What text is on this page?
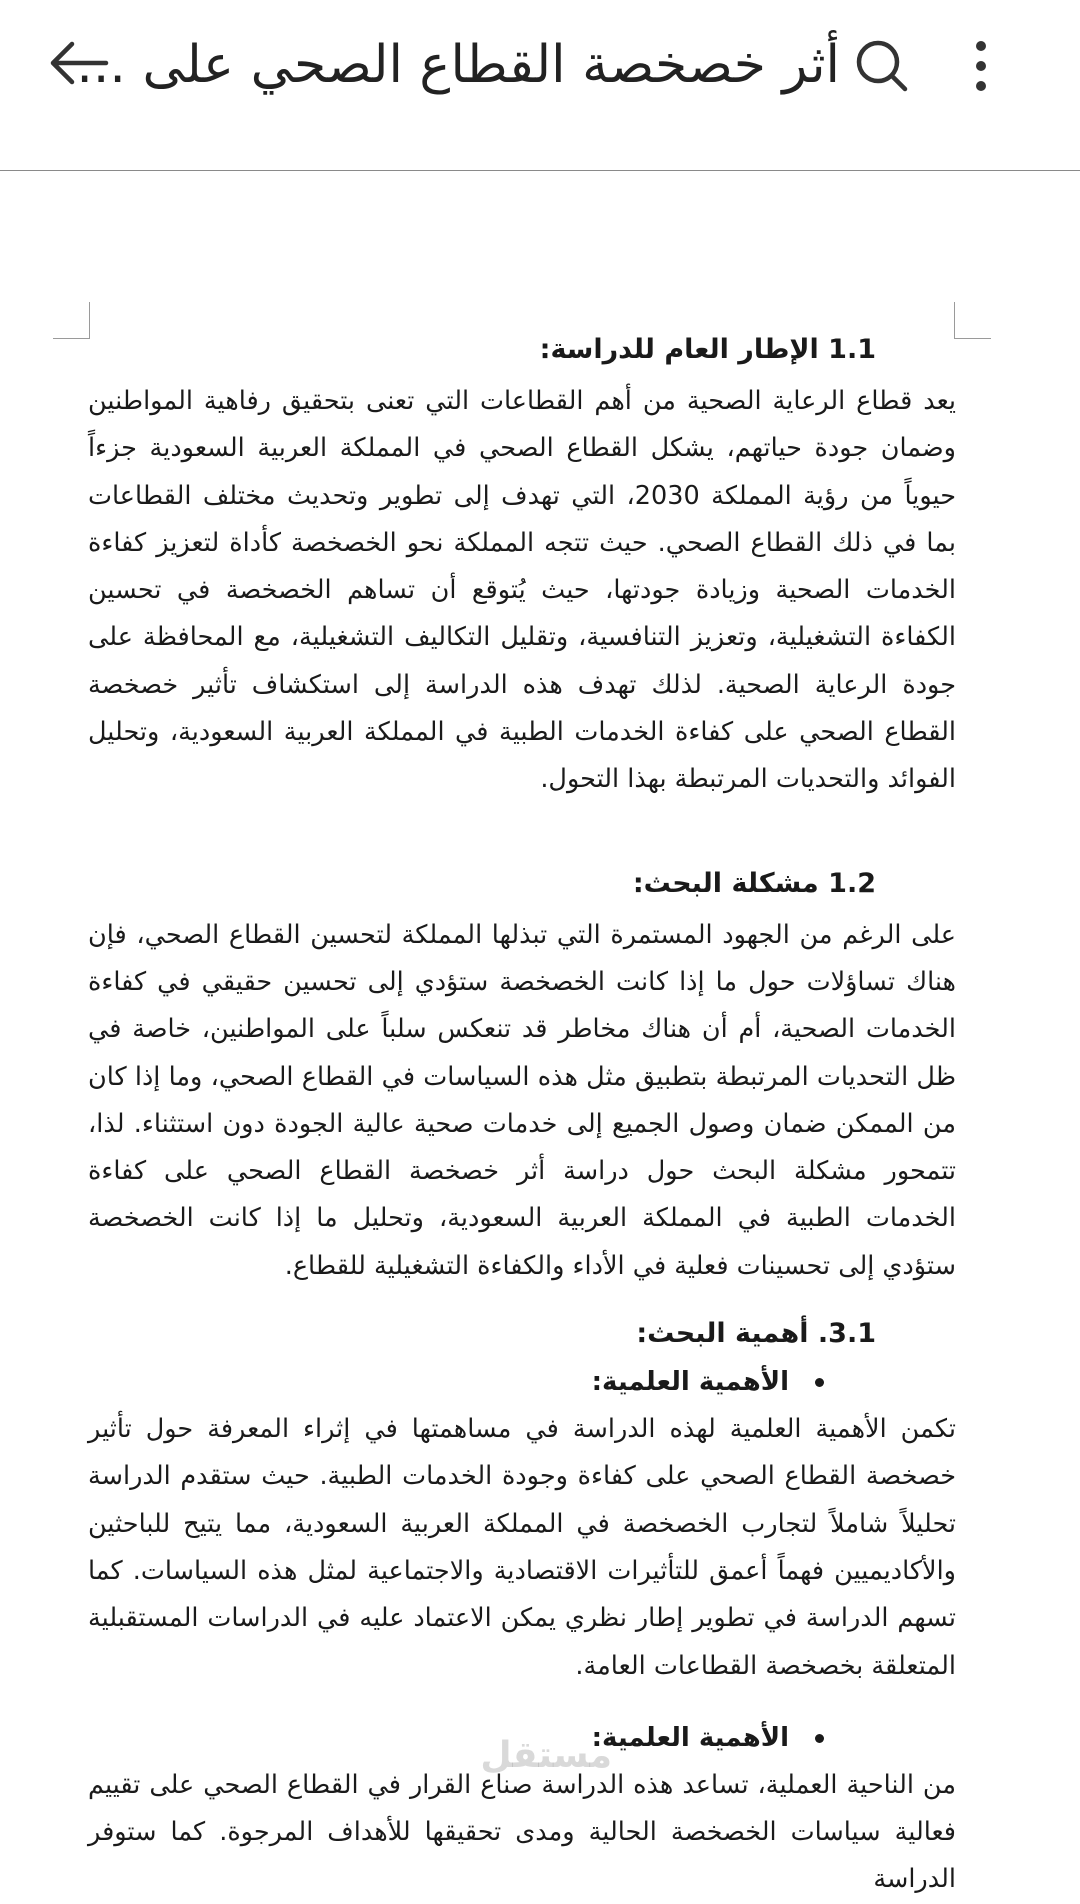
أثر خصخصة القطاع الصحي على ...

1.1 الإطار العام للدراسة:

يعد قطاع الرعاية الصحية من أهم القطاعات التي تعنى بتحقيق رفاهية المواطنين وضمان جودة حياتهم، يشكل القطاع الصحي في المملكة العربية السعودية جزءاً حيوياً من رؤية المملكة 2030، التي تهدف إلى تطوير وتحديث مختلف القطاعات بما في ذلك القطاع الصحي. حيث تتجه المملكة نحو الخصخصة كأداة لتعزيز كفاءة الخدمات الصحية وزيادة جودتها، حيث يُتوقع أن تساهم الخصخصة في تحسين الكفاءة التشغيلية، وتعزيز التنافسية، وتقليل التكاليف التشغيلية، مع المحافظة على جودة الرعاية الصحية. لذلك تهدف هذه الدراسة إلى استكشاف تأثير خصخصة القطاع الصحي على كفاءة الخدمات الطبية في المملكة العربية السعودية، وتحليل الفوائد والتحديات المرتبطة بهذا التحول.

1.2 مشكلة البحث:

على الرغم من الجهود المستمرة التي تبذلها المملكة لتحسين القطاع الصحي، فإن هناك تساؤلات حول ما إذا كانت الخصخصة ستؤدي إلى تحسين حقيقي في كفاءة الخدمات الصحية، أم أن هناك مخاطر قد تنعكس سلباً على المواطنين، خاصة في ظل التحديات المرتبطة بتطبيق مثل هذه السياسات في القطاع الصحي، وما إذا كان من الممكن ضمان وصول الجميع إلى خدمات صحية عالية الجودة دون استثناء. لذا، تتمحور مشكلة البحث حول دراسة أثر خصخصة القطاع الصحي على كفاءة الخدمات الطبية في المملكة العربية السعودية، وتحليل ما إذا كانت الخصخصة ستؤدي إلى تحسينات فعلية في الأداء والكفاءة التشغيلية للقطاع.

3.1. أهمية البحث:

الأهمية العلمية:

تكمن الأهمية العلمية لهذه الدراسة في مساهمتها في إثراء المعرفة حول تأثير خصخصة القطاع الصحي على كفاءة وجودة الخدمات الطبية. حيث ستقدم الدراسة تحليلاً شاملاً لتجارب الخصخصة في المملكة العربية السعودية، مما يتيح للباحثين والأكاديميين فهماً أعمق للتأثيرات الاقتصادية والاجتماعية لمثل هذه السياسات. كما تسهم الدراسة في تطوير إطار نظري يمكن الاعتماد عليه في الدراسات المستقبلية المتعلقة بخصخصة القطاعات العامة.

الأهمية العلمية:

من الناحية العملية، تساعد هذه الدراسة صناع القرار في القطاع الصحي على تقييم فعالية سياسات الخصخصة الحالية ومدى تحقيقها للأهداف المرجوة. كما ستوفر الدراسة

مستقل
